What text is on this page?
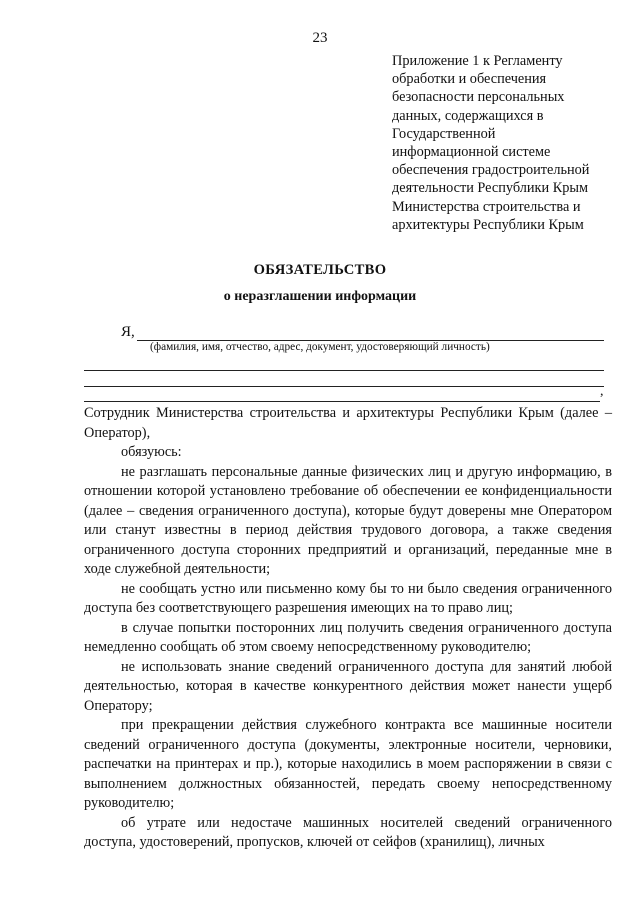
23
Приложение 1 к Регламенту
обработки и обеспечения
безопасности персональных
данных, содержащихся в
Государственной
информационной системе
обеспечения градостроительной
деятельности Республики Крым
Министерства строительства и
архитектуры Республики Крым
ОБЯЗАТЕЛЬСТВО
о неразглашении информации
Я,
(фамилия, имя, отчество, адрес, документ, удостоверяющий личность)
,

Сотрудник Министерства строительства и архитектуры Республики Крым (далее – Оператор),

обязуюсь:

не разглашать персональные данные физических лиц и другую информацию, в отношении которой установлено требование об обеспечении ее конфиденциальности (далее – сведения ограниченного доступа), которые будут доверены мне Оператором или станут известны в период действия трудового договора, а также сведения ограниченного доступа сторонних предприятий и организаций, переданные мне в ходе служебной деятельности;

не сообщать устно или письменно кому бы то ни было сведения ограниченного доступа без соответствующего разрешения имеющих на то право лиц;

в случае попытки посторонних лиц получить сведения ограниченного доступа немедленно сообщать об этом своему непосредственному руководителю;

не использовать знание сведений ограниченного доступа для занятий любой деятельностью, которая в качестве конкурентного действия может нанести ущерб Оператору;

при прекращении действия служебного контракта все машинные носители сведений ограниченного доступа (документы, электронные носители, черновики, распечатки на принтерах и пр.), которые находились в моем распоряжении в связи с выполнением должностных обязанностей, передать своему непосредственному руководителю;

об утрате или недостаче машинных носителей сведений ограниченного доступа, удостоверений, пропусков, ключей от сейфов (хранилищ), личных
